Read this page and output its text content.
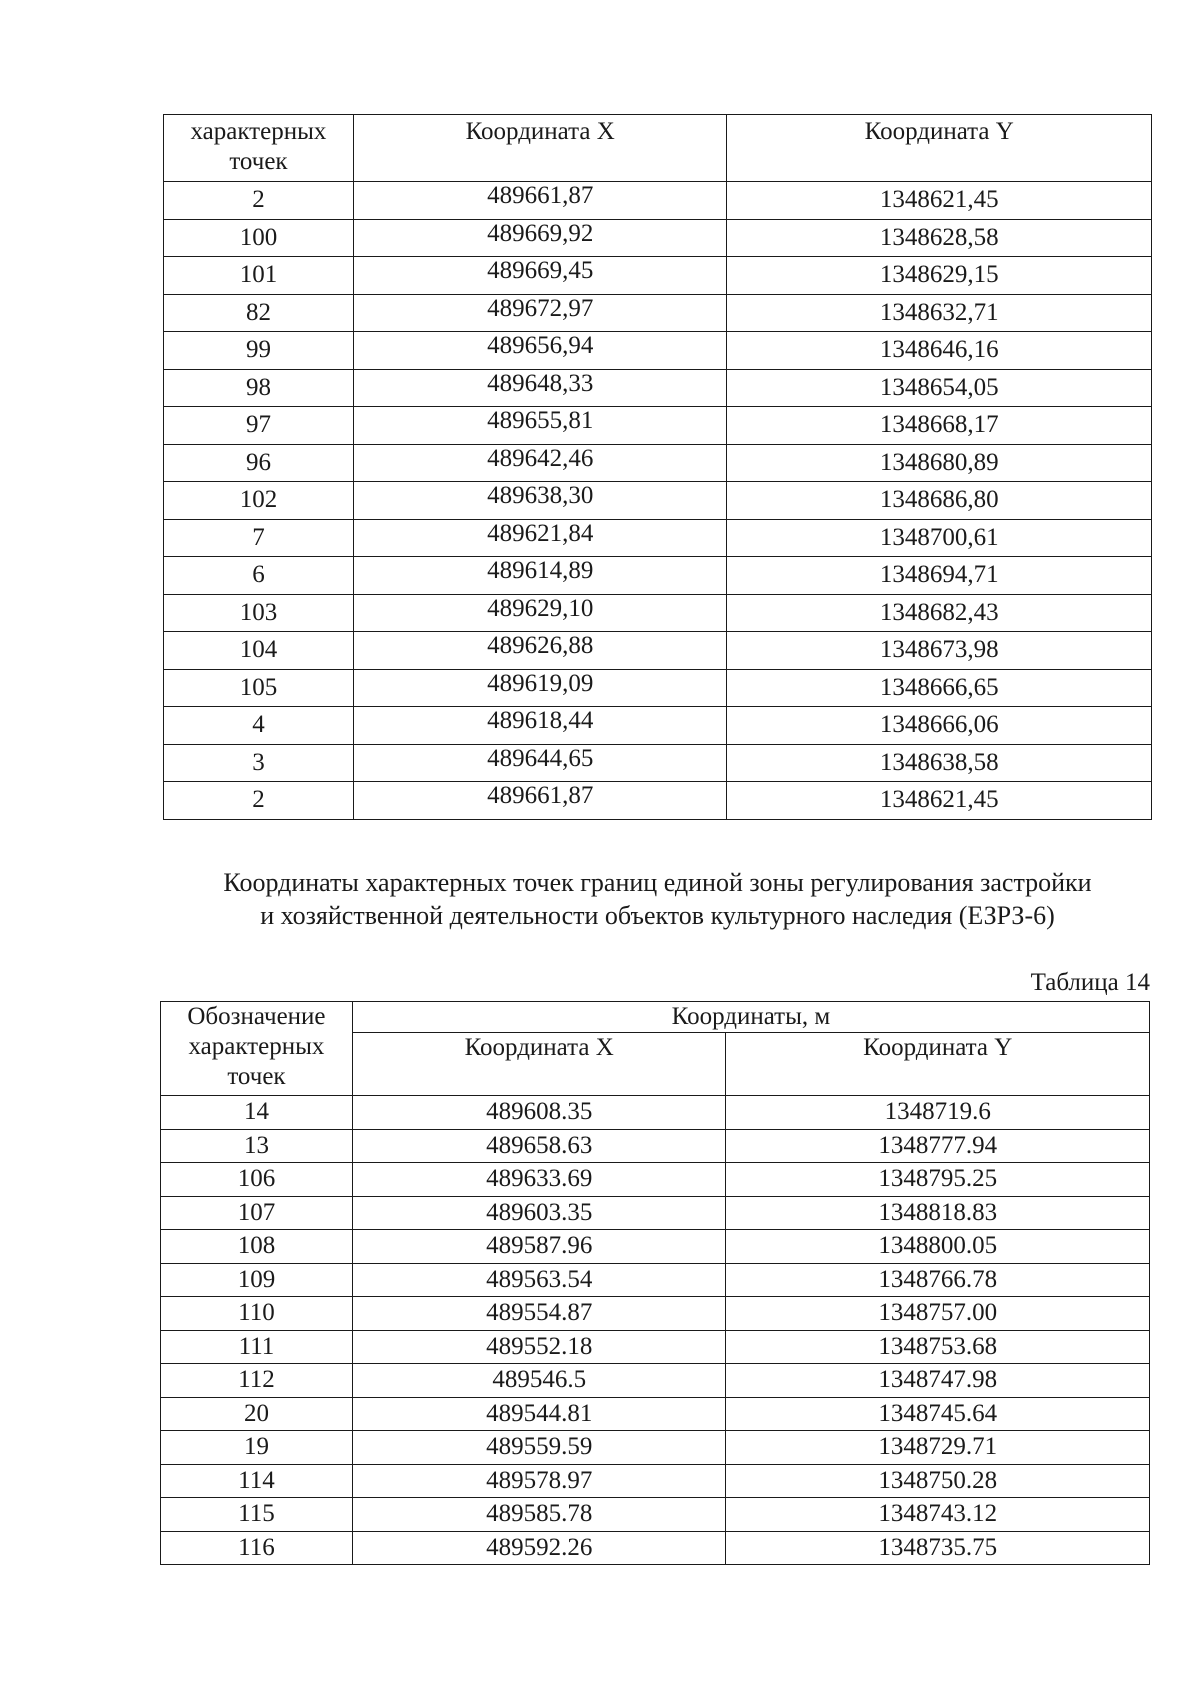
характерных точек	Координата X	Координата Y
2	489661,87	1348621,45
100	489669,92	1348628,58
101	489669,45	1348629,15
82	489672,97	1348632,71
99	489656,94	1348646,16
98	489648,33	1348654,05
97	489655,81	1348668,17
96	489642,46	1348680,89
102	489638,30	1348686,80
7	489621,84	1348700,61
6	489614,89	1348694,71
103	489629,10	1348682,43
104	489626,88	1348673,98
105	489619,09	1348666,65
4	489618,44	1348666,06
3	489644,65	1348638,58
2	489661,87	1348621,45
Координаты характерных точек границ единой зоны регулирования застройки
и хозяйственной деятельности объектов культурного наследия (ЕЗРЗ-6)
Таблица 14
Обозначение характерных точек	Координаты, м	
	Координата X	Координата Y
14	489608.35	1348719.6
13	489658.63	1348777.94
106	489633.69	1348795.25
107	489603.35	1348818.83
108	489587.96	1348800.05
109	489563.54	1348766.78
110	489554.87	1348757.00
111	489552.18	1348753.68
112	489546.5	1348747.98
20	489544.81	1348745.64
19	489559.59	1348729.71
114	489578.97	1348750.28
115	489585.78	1348743.12
116	489592.26	1348735.75
